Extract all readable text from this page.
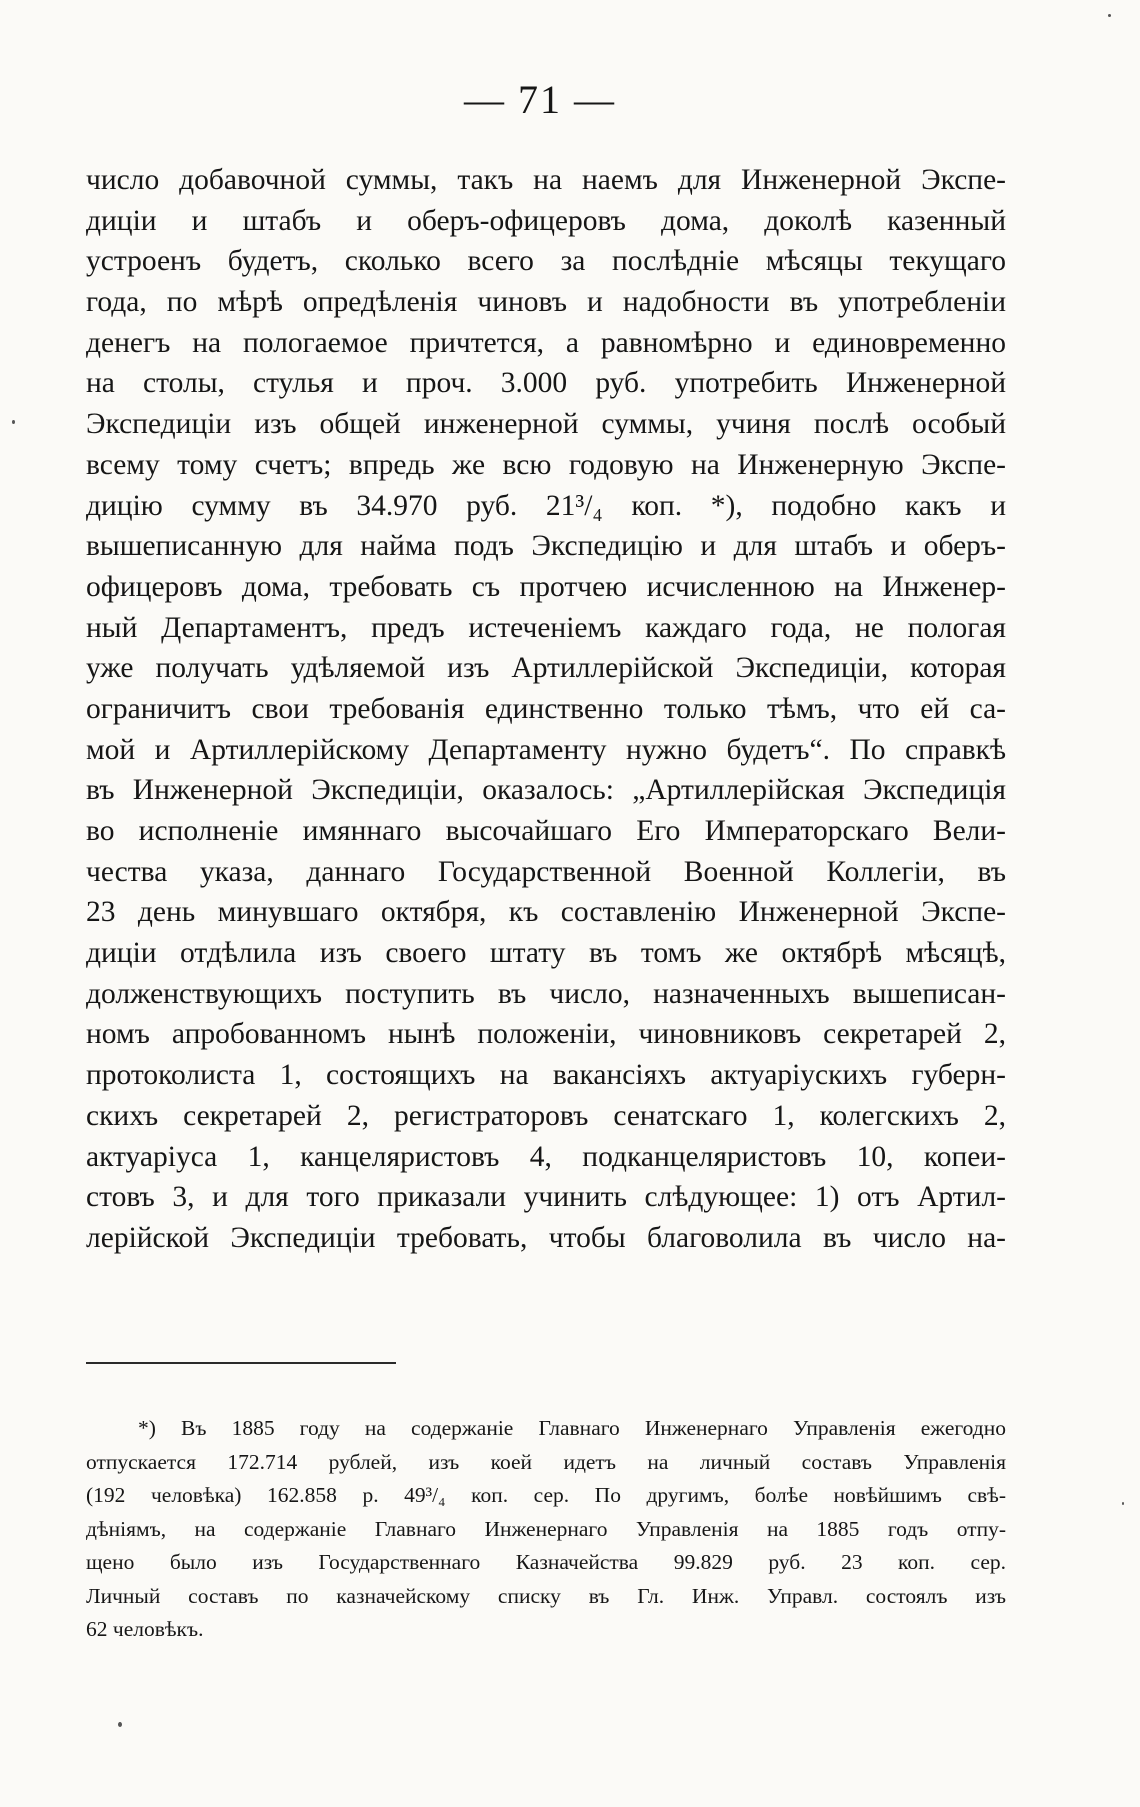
— 71 —
число добавочной суммы, такъ на наемъ для Инженерной Экспе-
диціи и штабъ и оберъ-офицеровъ дома, доколѣ казенный
устроенъ будетъ, сколько всего за послѣдніе мѣсяцы текущаго
года, по мѣрѣ опредѣленія чиновъ и надобности въ употребленіи
денегъ на пологаемое причтется, а равномѣрно и единовременно
на столы, стулья и проч. 3.000 руб. употребить Инженерной
Экспедиціи изъ общей инженерной суммы, учиня послѣ особый
всему тому счетъ; впредь же всю годовую на Инженерную Экспе-
дицію сумму въ 34.970 руб. 21³/₄ коп. *), подобно какъ и
вышеписанную для найма подъ Экспедицію и для штабъ и оберъ-
офицеровъ дома, требовать съ протчею исчисленною на Инженер-
ный Департаментъ, предъ истеченіемъ каждаго года, не пологая
уже получать удѣляемой изъ Артиллерійской Экспедиціи, которая
ограничитъ свои требованія единственно только тѣмъ, что ей са-
мой и Артиллерійскому Департаменту нужно будетъ“. По справкѣ
въ Инженерной Экспедиціи, оказалось: „Артиллерійская Экспедиція
во исполненіе имяннаго высочайшаго Его Императорскаго Вели-
чества указа, даннаго Государственной Военной Коллегіи, въ
23 день минувшаго октября, къ составленію Инженерной Экспе-
диціи отдѣлила изъ своего штату въ томъ же октябрѣ мѣсяцѣ,
долженствующихъ поступить въ число, назначенныхъ вышеписан-
номъ апробованномъ нынѣ положеніи, чиновниковъ секретарей 2,
протоколиста 1, состоящихъ на вакансіяхъ актуаріускихъ губерн-
скихъ секретарей 2, регистраторовъ сенатскаго 1, колегскихъ 2,
актуаріуса 1, канцеляристовъ 4, подканцеляристовъ 10, копеи-
стовъ 3, и для того приказали учинить слѣдующее: 1) отъ Артил-
лерійской Экспедиціи требовать, чтобы благоволила въ число на-
*) Въ 1885 году на содержаніе Главнаго Инженернаго Управленія ежегодно
отпускается 172.714 рублей, изъ коей идетъ на личный составъ Управленія
(192 человѣка) 162.858 р. 49³/₄ коп. сер. По другимъ, болѣе новѣйшимъ свѣ-
дѣніямъ, на содержаніе Главнаго Инженернаго Управленія на 1885 годъ отпу-
щено было изъ Государственнаго Казначейства 99.829 руб. 23 коп. сер.
Личный составъ по казначейскому списку въ Гл. Инж. Управл. состоялъ изъ
62 человѣкъ.
